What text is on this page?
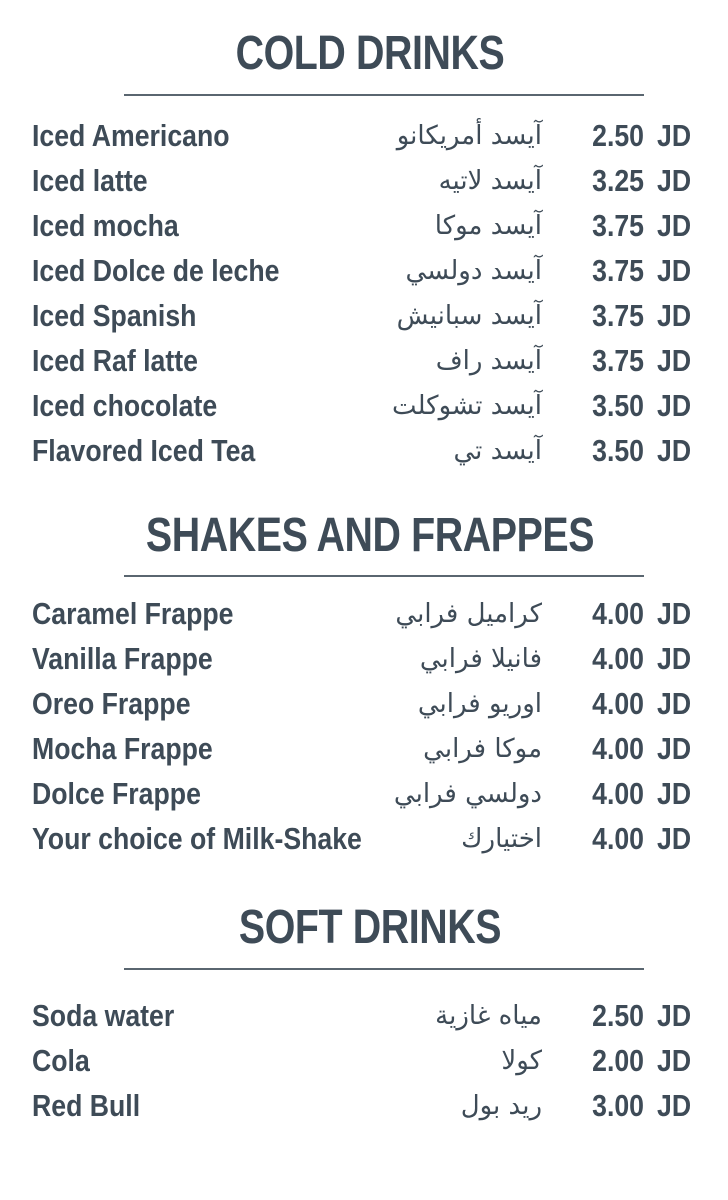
COLD DRINKS
Iced Americano	آيسد أمريكانو 2.50 JD
Iced latte	آيسد لاتيه 3.25 JD
Iced mocha	آيسد موكا 3.75 JD
Iced Dolce de leche	آيسد دولسي 3.75 JD
Iced Spanish	آيسد سبانيش 3.75 JD
Iced Raf latte	آيسد راف 3.75 JD
Iced chocolate	آيسد تشوكلت 3.50 JD
Flavored Iced Tea	آيسد تي 3.50 JD
SHAKES AND FRAPPES
Caramel Frappe	كراميل فرابي 4.00 JD
Vanilla Frappe	فانيلا فرابي 4.00 JD
Oreo Frappe	اوريو فرابي 4.00 JD
Mocha Frappe	موكا فرابي 4.00 JD
Dolce Frappe	دولسي فرابي 4.00 JD
Your choice of Milk-Shake	اختيارك 4.00 JD
SOFT DRINKS
Soda water	مياه غازية 2.50 JD
Cola	كولا 2.00 JD
Red Bull	ريد بول 3.00 JD
